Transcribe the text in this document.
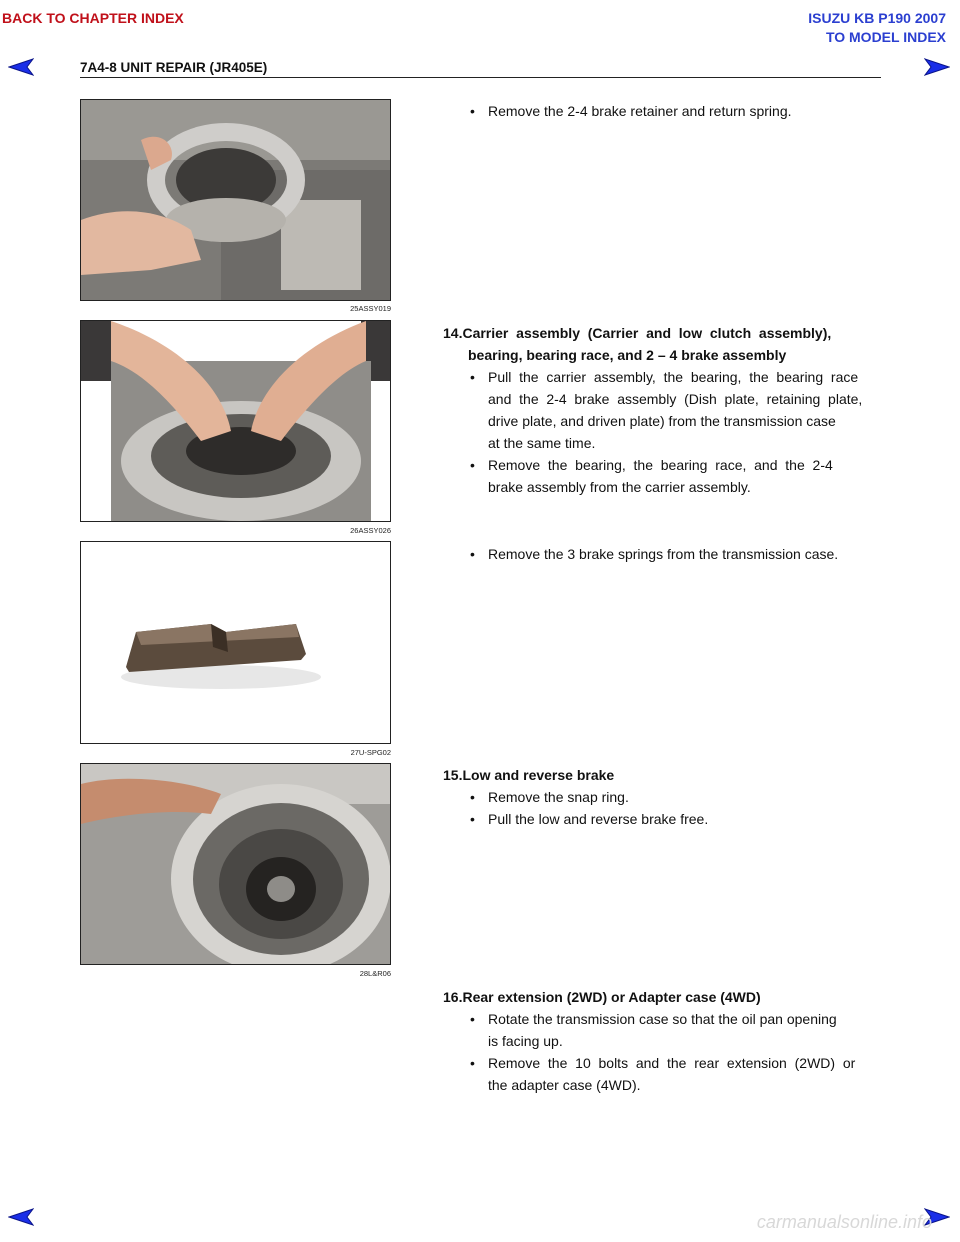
BACK TO CHAPTER INDEX	ISUZU KB P190 2007
TO MODEL INDEX
7A4-8 UNIT REPAIR (JR405E)
25ASSY019
26ASSY026
27U-SPG02
28L&R06
• Remove the 2-4 brake retainer and return spring.
14.Carrier  assembly  (Carrier  and  low  clutch  assembly),
bearing, bearing race, and 2 – 4 brake assembly
• Pull  the  carrier  assembly,  the  bearing,  the  bearing  race
and  the  2-4  brake  assembly  (Dish  plate,  retaining  plate,
drive plate, and driven plate) from the transmission case
at the same time.
• Remove  the  bearing,  the  bearing  race,  and  the  2-4
brake assembly from the carrier assembly.
• Remove the 3 brake springs from the transmission case.
15.Low and reverse brake
• Remove the snap ring.
• Pull the low and reverse brake free.
16.Rear extension (2WD) or Adapter case (4WD)
• Rotate the transmission case so that the oil pan opening
is facing up.
• Remove  the  10  bolts  and  the  rear  extension  (2WD)  or
the adapter case (4WD).
carmanualsonline.info
